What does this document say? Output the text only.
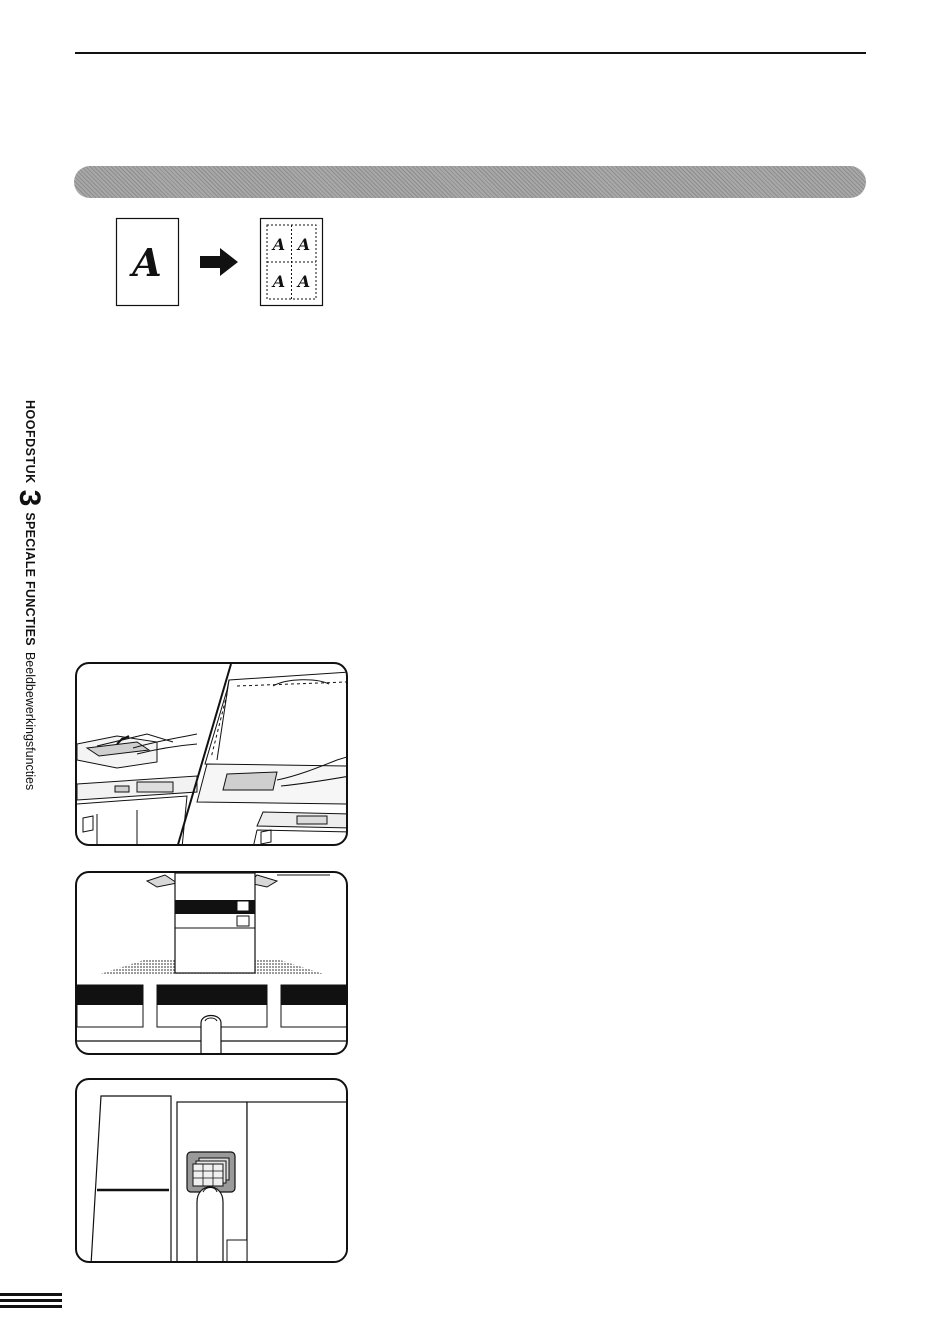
A	A A
A A
HOOFDSTUK3SPECIALE FUNCTIESBeeldbewerkingsfuncties
